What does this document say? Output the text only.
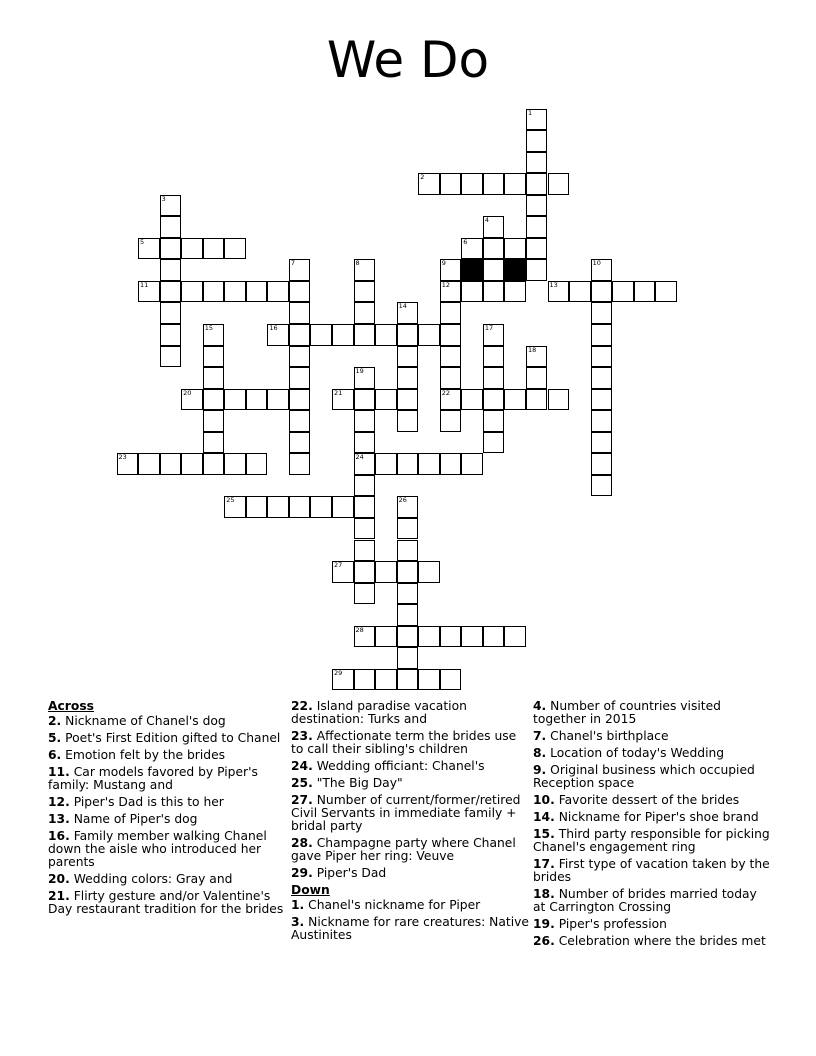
We Do
1
2
3
4
5	6
7	8	9
12
22
10
11	13
14
15	16	17
18
19
24
20	21
23
25	26
27
28
29
Across
2. Nickname of Chanel's dog
5. Poet's First Edition gifted to Chanel
6. Emotion felt by the brides
11. Car models favored by Piper's family: Mustang and
12. Piper's Dad is this to her
13. Name of Piper's dog
16. Family member walking Chanel down the aisle who introduced her parents
20. Wedding colors: Gray and
21. Flirty gesture and/or Valentine's Day restaurant tradition for the brides
22. Island paradise vacation destination: Turks and
23. Affectionate term the brides use to call their sibling's children
24. Wedding officiant: Chanel's
25. "The Big Day"
27. Number of current/former/retired Civil Servants in immediate family + bridal party
28. Champagne party where Chanel gave Piper her ring: Veuve
29. Piper's Dad
Down
1. Chanel's nickname for Piper
3. Nickname for rare creatures: Native Austinites
4. Number of countries visited together in 2015
7. Chanel's birthplace
8. Location of today's Wedding
9. Original business which occupied Reception space
10. Favorite dessert of the brides
14. Nickname for Piper's shoe brand
15. Third party responsible for picking Chanel's engagement ring
17. First type of vacation taken by the brides
18. Number of brides married today at Carrington Crossing
19. Piper's profession
26. Celebration where the brides met
